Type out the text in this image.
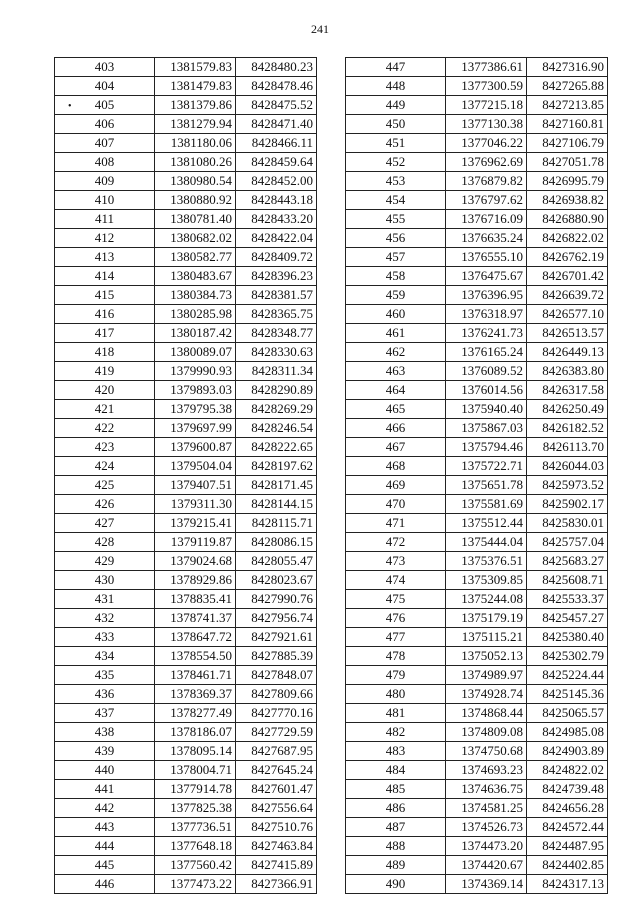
241
•
403	1381579.83	8428480.23
404	1381479.83	8428478.46
405	1381379.86	8428475.52
406	1381279.94	8428471.40
407	1381180.06	8428466.11
408	1381080.26	8428459.64
409	1380980.54	8428452.00
410	1380880.92	8428443.18
411	1380781.40	8428433.20
412	1380682.02	8428422.04
413	1380582.77	8428409.72
414	1380483.67	8428396.23
415	1380384.73	8428381.57
416	1380285.98	8428365.75
417	1380187.42	8428348.77
418	1380089.07	8428330.63
419	1379990.93	8428311.34
420	1379893.03	8428290.89
421	1379795.38	8428269.29
422	1379697.99	8428246.54
423	1379600.87	8428222.65
424	1379504.04	8428197.62
425	1379407.51	8428171.45
426	1379311.30	8428144.15
427	1379215.41	8428115.71
428	1379119.87	8428086.15
429	1379024.68	8428055.47
430	1378929.86	8428023.67
431	1378835.41	8427990.76
432	1378741.37	8427956.74
433	1378647.72	8427921.61
434	1378554.50	8427885.39
435	1378461.71	8427848.07
436	1378369.37	8427809.66
437	1378277.49	8427770.16
438	1378186.07	8427729.59
439	1378095.14	8427687.95
440	1378004.71	8427645.24
441	1377914.78	8427601.47
442	1377825.38	8427556.64
443	1377736.51	8427510.76
444	1377648.18	8427463.84
445	1377560.42	8427415.89
446	1377473.22	8427366.91
447	1377386.61	8427316.90
448	1377300.59	8427265.88
449	1377215.18	8427213.85
450	1377130.38	8427160.81
451	1377046.22	8427106.79
452	1376962.69	8427051.78
453	1376879.82	8426995.79
454	1376797.62	8426938.82
455	1376716.09	8426880.90
456	1376635.24	8426822.02
457	1376555.10	8426762.19
458	1376475.67	8426701.42
459	1376396.95	8426639.72
460	1376318.97	8426577.10
461	1376241.73	8426513.57
462	1376165.24	8426449.13
463	1376089.52	8426383.80
464	1376014.56	8426317.58
465	1375940.40	8426250.49
466	1375867.03	8426182.52
467	1375794.46	8426113.70
468	1375722.71	8426044.03
469	1375651.78	8425973.52
470	1375581.69	8425902.17
471	1375512.44	8425830.01
472	1375444.04	8425757.04
473	1375376.51	8425683.27
474	1375309.85	8425608.71
475	1375244.08	8425533.37
476	1375179.19	8425457.27
477	1375115.21	8425380.40
478	1375052.13	8425302.79
479	1374989.97	8425224.44
480	1374928.74	8425145.36
481	1374868.44	8425065.57
482	1374809.08	8424985.08
483	1374750.68	8424903.89
484	1374693.23	8424822.02
485	1374636.75	8424739.48
486	1374581.25	8424656.28
487	1374526.73	8424572.44
488	1374473.20	8424487.95
489	1374420.67	8424402.85
490	1374369.14	8424317.13
